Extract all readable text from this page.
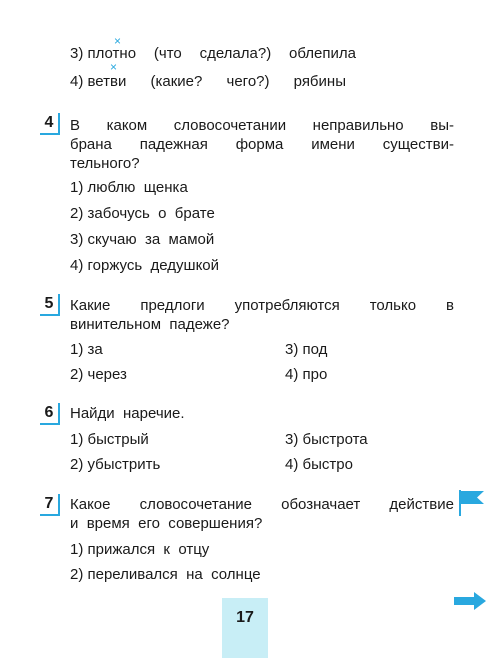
×
3) плотно (что сделала?) облепила
×
4) ветви (какие? чего?) рябины
4	В каком словосочетании неправильно вы-
брана падежная форма имени существи-
тельного?
1) люблю  щенка
2) забочусь  о  брате
3) скучаю  за  мамой
4) горжусь  дедушкой
5	Какие предлоги употребляются только в
винительном  падеже?
1) за	3) под
2) через	4) про
6	Найди  наречие.
1) быстрый	3) быстрота
2) убыстрить	4) быстро
7	Какое словосочетание обозначает действие
и  время  его  совершения?
1) прижался  к  отцу
2) переливался  на  солнце
17
